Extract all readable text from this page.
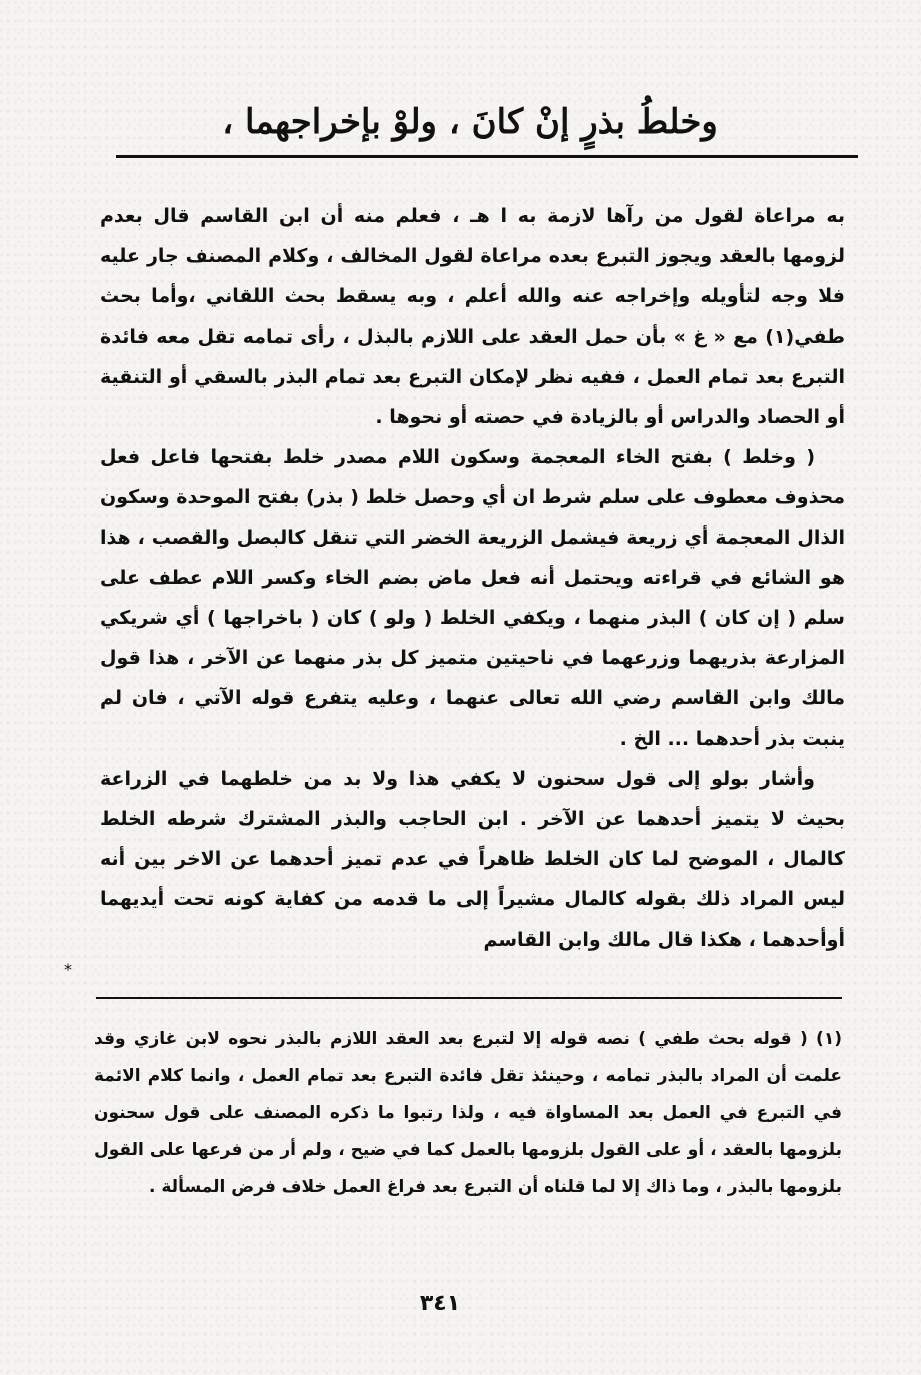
وخلطُ بذرٍ إنْ كانَ ، ولوْ بإخراجهما ،

به مراعاة لقول من رآها لازمة به ا هـ ، فعلم منه أن ابن القاسم قال بعدم لزومها بالعقد ويجوز التبرع بعده مراعاة لقول المخالف ، وكلام المصنف جار عليه فلا وجه لتأويله وإخراجه عنه والله أعلم ، وبه يسقط بحث اللقاني ،وأما بحث طفي(١) مع « غ » بأن حمل العقد على اللازم بالبذل ، رأى تمامه تقل معه فائدة التبرع بعد تمام العمل ، ففيه نظر لإمكان التبرع بعد تمام البذر بالسقي أو التنقية أو الحصاد والدراس أو بالزيادة في حصته أو نحوها .

( وخلط ) بفتح الخاء المعجمة وسكون اللام مصدر خلط بفتحها فاعل فعل محذوف معطوف على سلم شرط ان أي وحصل خلط ( بذر) بفتح الموحدة وسكون الذال المعجمة أي زريعة فيشمل الزريعة الخضر التي تنقل كالبصل والقصب ، هذا هو الشائع في قراءته ويحتمل أنه فعل ماض بضم الخاء وكسر اللام عطف على سلم ( إن كان ) البذر منهما ، ويكفي الخلط ( ولو ) كان ( باخراجها ) أي شريكي المزارعة بذريهما وزرعهما في ناحيتين متميز كل بذر منهما عن الآخر ، هذا قول مالك وابن القاسم رضي الله تعالى عنهما ، وعليه يتفرع قوله الآتي ، فان لم ينبت بذر أحدهما ... الخ .

وأشار بولو إلى قول سحنون لا يكفي هذا ولا بد من خلطهما في الزراعة بحيث لا يتميز أحدهما عن الآخر . ابن الحاجب والبذر المشترك شرطه الخلط كالمال ، الموضح لما كان الخلط ظاهراً في عدم تميز أحدهما عن الاخر بين أنه ليس المراد ذلك بقوله كالمال مشيراً إلى ما قدمه من كفاية كونه تحت أيديهما أوأحدهما ، هكذا قال مالك وابن القاسم

*

(١) ( قوله بحث طفي ) نصه قوله إلا لتبرع بعد العقد اللازم بالبذر نحوه لابن غازي وقد علمت أن المراد بالبذر تمامه ، وحينئذ تقل فائدة التبرع بعد تمام العمل ، وانما كلام الائمة في التبرع في العمل بعد المساواة فيه ، ولذا رتبوا ما ذكره المصنف على قول سحنون بلزومها بالعقد ، أو على القول بلزومها بالعمل كما في ضيح ، ولم أر من فرعها على القول بلزومها بالبذر ، وما ذاك إلا لما قلناه أن التبرع بعد فراغ العمل خلاف فرض المسألة .

٣٤١
